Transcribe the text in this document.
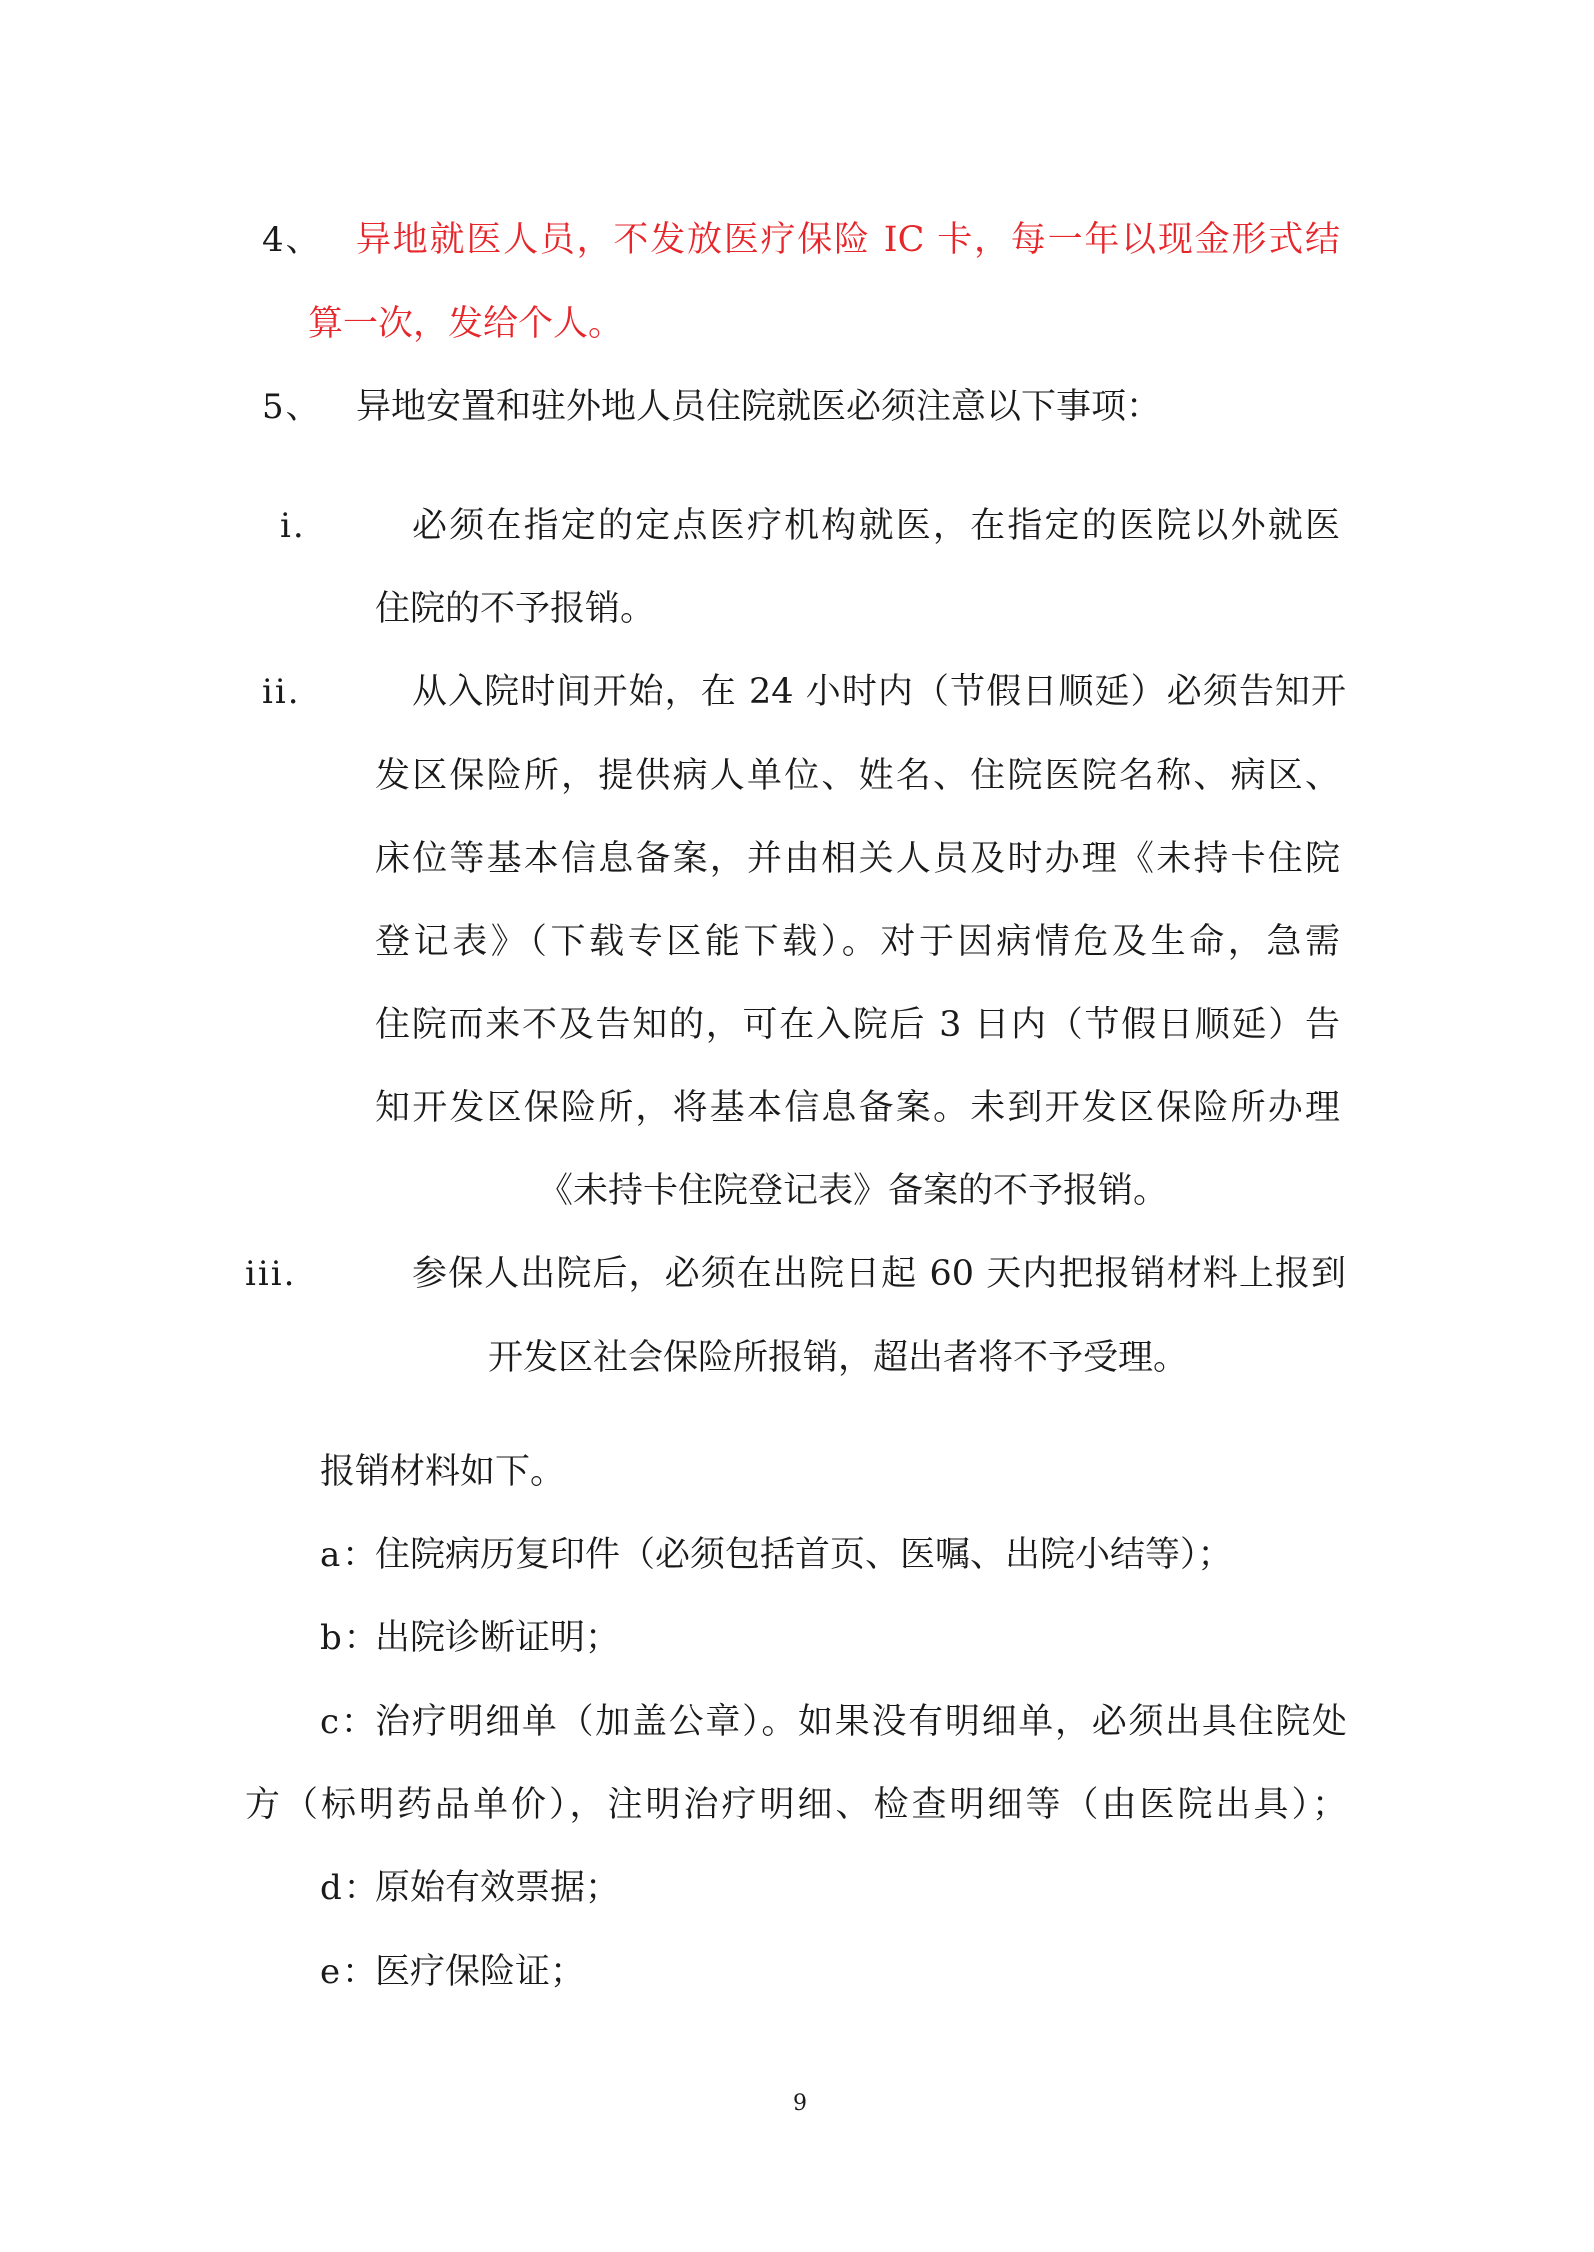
4、 异地就医人员，不发放医疗保险 IC 卡，每一年以现金形式结
算一次，发给个人。
5、 异地安置和驻外地人员住院就医必须注意以下事项：
i.	必须在指定的定点医疗机构就医，在指定的医院以外就医
住院的不予报销。
ii.	从入院时间开始，在 24 小时内（节假日顺延）必须告知开
发区保险所，提供病人单位、姓名、住院医院名称、病区、
床位等基本信息备案，并由相关人员及时办理《未持卡住院
登记表》（下载专区能下载）。对于因病情危及生命，急需
住院而来不及告知的，可在入院后 3 日内（节假日顺延）告
知开发区保险所，将基本信息备案。未到开发区保险所办理
《未持卡住院登记表》备案的不予报销。
iii.	参保人出院后，必须在出院日起 60 天内把报销材料上报到
开发区社会保险所报销，超出者将不予受理。
报销材料如下。
a：
住院病历复印件（必须包括首页、医嘱、出院小结等）；
b：
出院诊断证明；
c：
治疗明细单（加盖公章）。如果没有明细单，必须出具住院处
方（标明药品单价），注明治疗明细、检查明细等（由医院出具）；
d：
原始有效票据；
e：
医疗保险证；
9
